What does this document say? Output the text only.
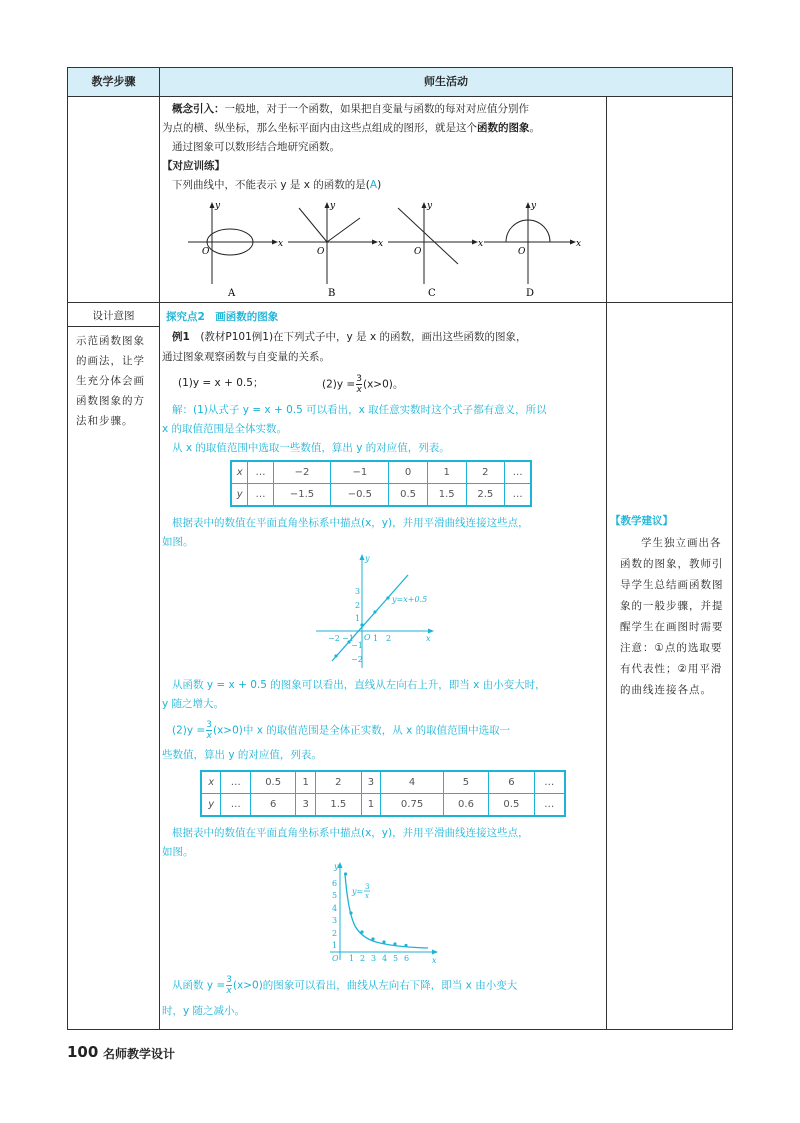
教学步骤	师生活动
概念引入：一般地，对于一个函数，如果把自变量与函数的每对对应值分别作
为点的横、纵坐标，那么坐标平面内由这些点组成的图形，就是这个函数的图象。
通过图象可以数形结合地研究函数。
【对应训练】
下列曲线中，不能表示 y 是 x 的函数的是(A)
x
y
O
A
x
y
O
B
x
y
O
C
x
y
O
D
设计意图
示范函数图象的画法，让学生充分体会画函数图象的方法和步骤。
探究点2　画函数的图象
例1　 (教材P101例1)在下列式子中，y 是 x 的函数，画出这些函数的图象，
通过图象观察函数与自变量的关系。
(1)y = x + 0.5；	$(2)y = \frac{3}{x} (x>0)$。
解：(1)从式子 y = x + 0.5 可以看出，x 取任意实数时这个式子都有意义，所以
x 的取值范围是全体实数。
从 x 的取值范围中选取一些数值，算出 y 的对应值，列表。
x	…	−2	−1	0	1	2	…
y	…	−1.5	−0.5	0.5	1.5	2.5	…
根据表中的数值在平面直角坐标系中描点(x，y)，并用平滑曲线连接这些点，
如图。
x
y
O
−2 −1 1 2
3
2
1
−1
−2
y=x+0.5
从函数 y = x + 0.5 的图象可以看出，直线从左向右上升，即当 x 由小变大时，
y 随之增大。
$(2)y = \frac{3}{x} (x>0)$中 x 的取值范围是全体正实数，从 x 的取值范围中选取一
些数值，算出 y 的对应值，列表。
x	…	0.5	1	2	3	4	5	6	…
y	…	6	3	1.5	1	0.75	0.6	0.5	…
根据表中的数值在平面直角坐标系中描点(x，y)，并用平滑曲线连接这些点，
如图。
x
y
O 1 2 3 4 5 6
6
5
4
3
2
1
y= 3
x
从函数 $y = \frac{3}{x} (x>0)$的图象可以看出，曲线从左向右下降，即当 x 由小变大
时，y 随之减小。
【教学建议】
学生独立画出各函数的图象，教师引导学生总结画函数图象的一般步骤，并提醒学生在画图时需要注意：①点的选取要有代表性；②用平滑的曲线连接各点。
100 名师教学设计
